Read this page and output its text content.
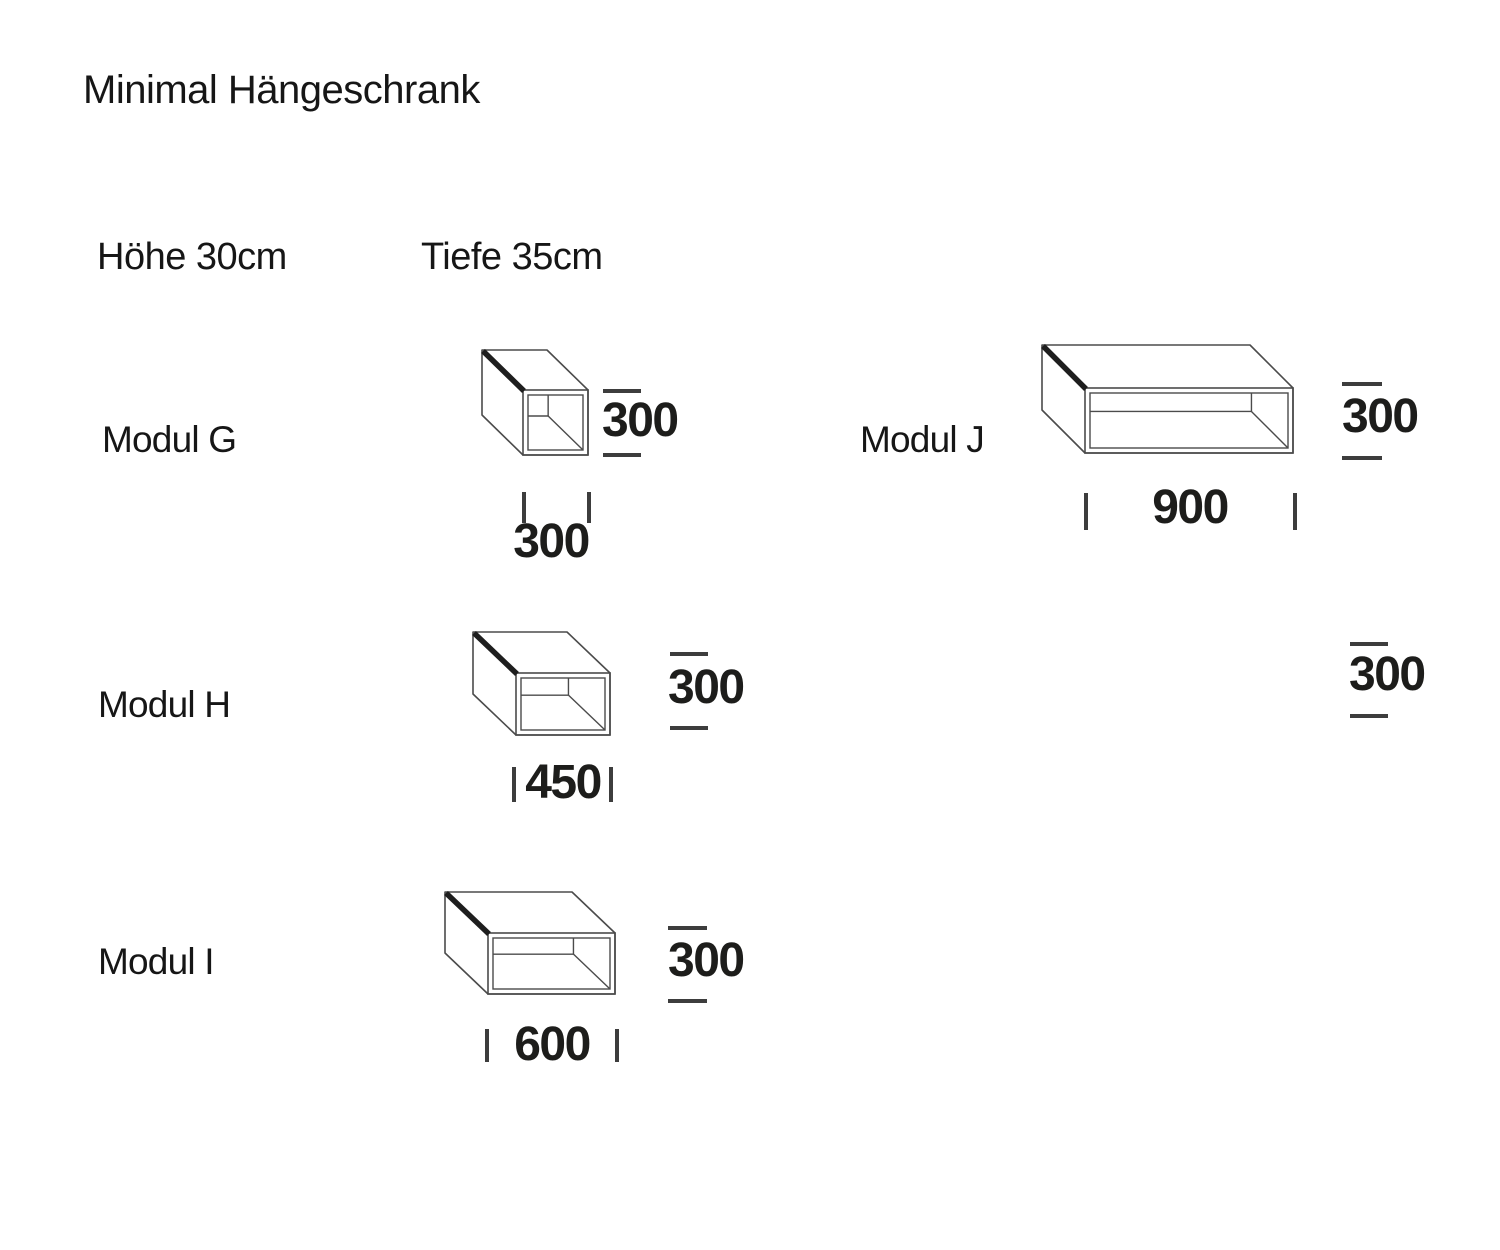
Minimal Hängeschrank
Höhe 30cm	Tiefe 35cm
Modul G	Modul J
Modul H
Modul I
300
300
300
900
300
450
300
600
300
